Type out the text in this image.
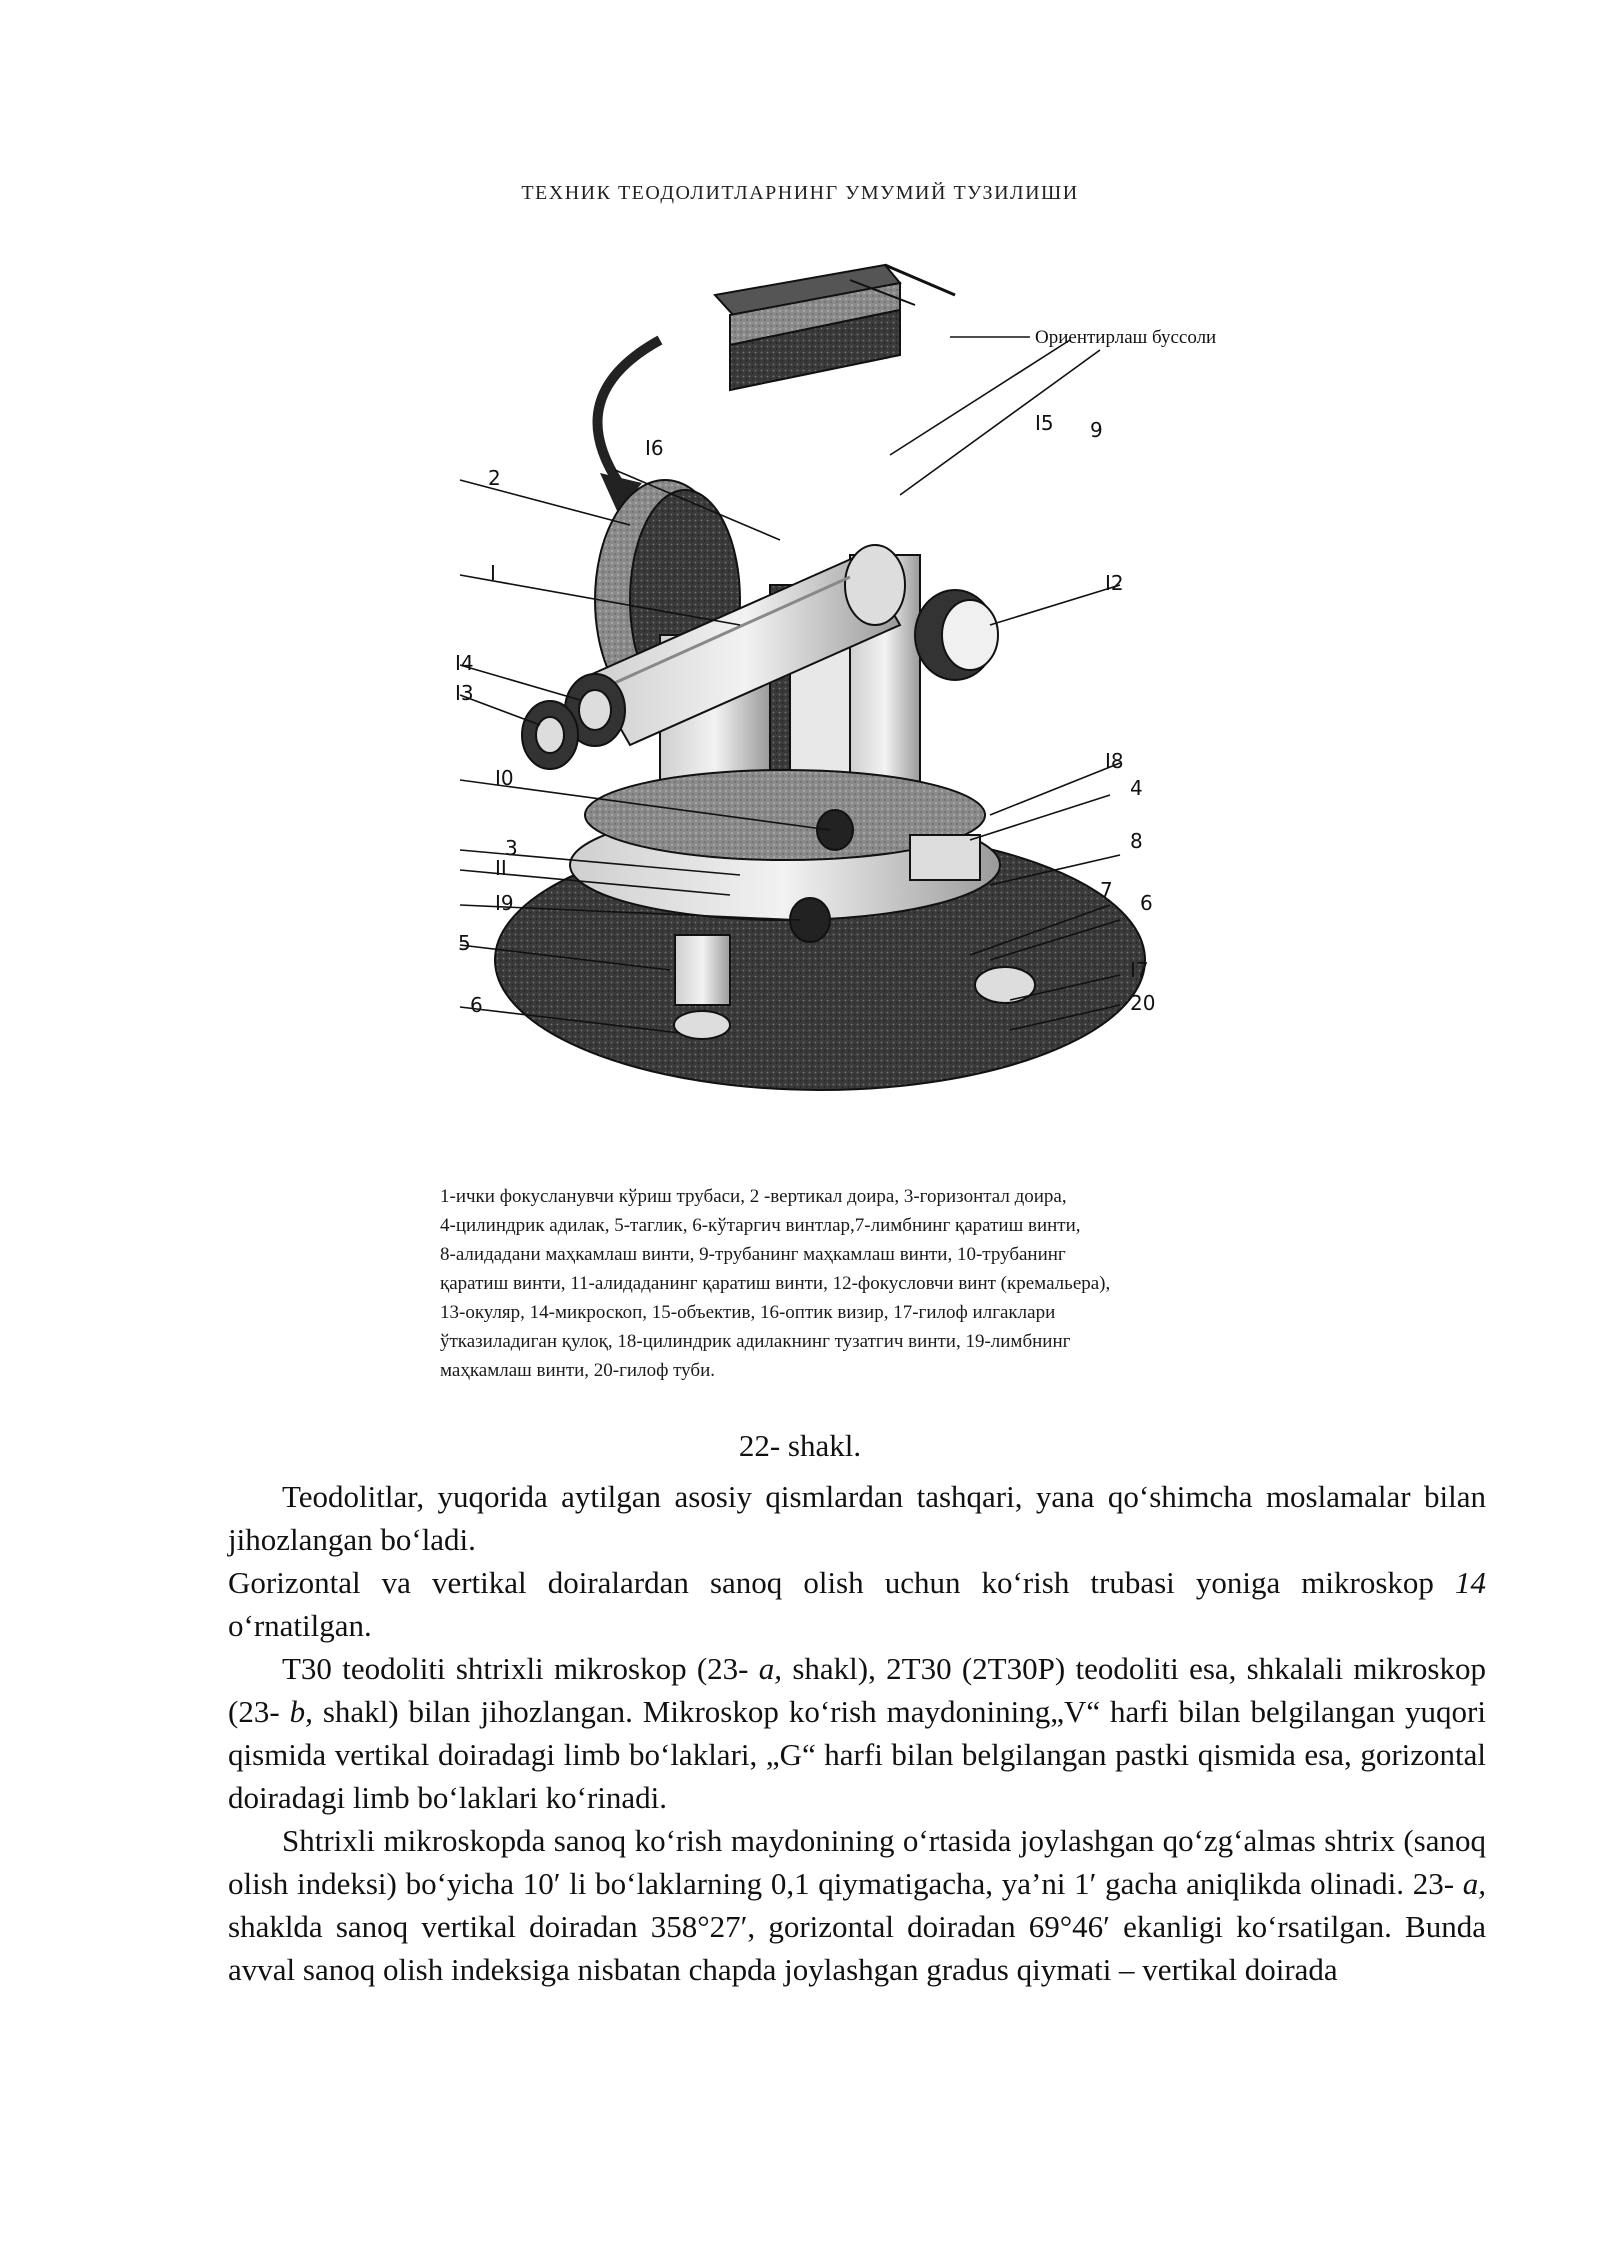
ТЕХНИК ТЕОДОЛИТЛАРНИНГ УМУМИЙ ТУЗИЛИШИ
Ориентирлаш буссоли
I6
2
I
I4
I3
I0
3
II
I9
5
6
I5 9
I2
I8
4
8
7
6
I7
20
1-ички фокусланувчи кўриш трубаси, 2 -вертикал доира, 3-горизонтал доира,
4-цилиндрик адилак, 5-таглик, 6-кўтаргич винтлар,7-лимбнинг қаратиш винти,
8-алидадани маҳкамлаш винти, 9-трубанинг маҳкамлаш винти, 10-трубанинг
қаратиш винти, 11-алидаданинг қаратиш винти, 12-фокусловчи винт (кремальера),
13-окуляр, 14-микроскоп, 15-объектив, 16-оптик визир, 17-гилоф илгаклари
ўтказиладиган қулоқ, 18-цилиндрик адилакнинг тузатгич винти, 19-лимбнинг
маҳкамлаш винти, 20-гилоф туби.
22- shakl.

Teodolitlar, yuqorida aytilgan asosiy qismlardan tashqari, yana qo‘shimcha moslamalar bilan jihozlangan bo‘ladi.

Gorizontal va vertikal doiralardan sanoq olish uchun ko‘rish trubasi yoniga mikroskop 14 o‘rnatilgan.

T30 teodoliti shtrixli mikroskop (23- a, shakl), 2T30 (2T30P) teodoliti esa, shkalali mikroskop (23- b, shakl) bilan jihozlangan. Mikroskop ko‘rish maydonining„V“ harfi bilan belgilangan yuqori qismida vertikal doiradagi limb bo‘laklari, „G“ harfi bilan belgilangan pastki qismida esa, gorizontal doiradagi limb bo‘laklari ko‘rinadi.

Shtrixli mikroskopda sanoq ko‘rish maydonining o‘rtasida joylashgan qo‘zg‘almas shtrix (sanoq olish indeksi) bo‘yicha 10′ li bo‘laklarning 0,1 qiymatigacha, ya’ni 1′ gacha aniqlikda olinadi. 23- a, shaklda sanoq vertikal doiradan 358°27′, gorizontal doiradan 69°46′ ekanligi ko‘rsatilgan. Bunda avval sanoq olish indeksiga nisbatan chapda joylashgan gradus qiymati – vertikal doirada
